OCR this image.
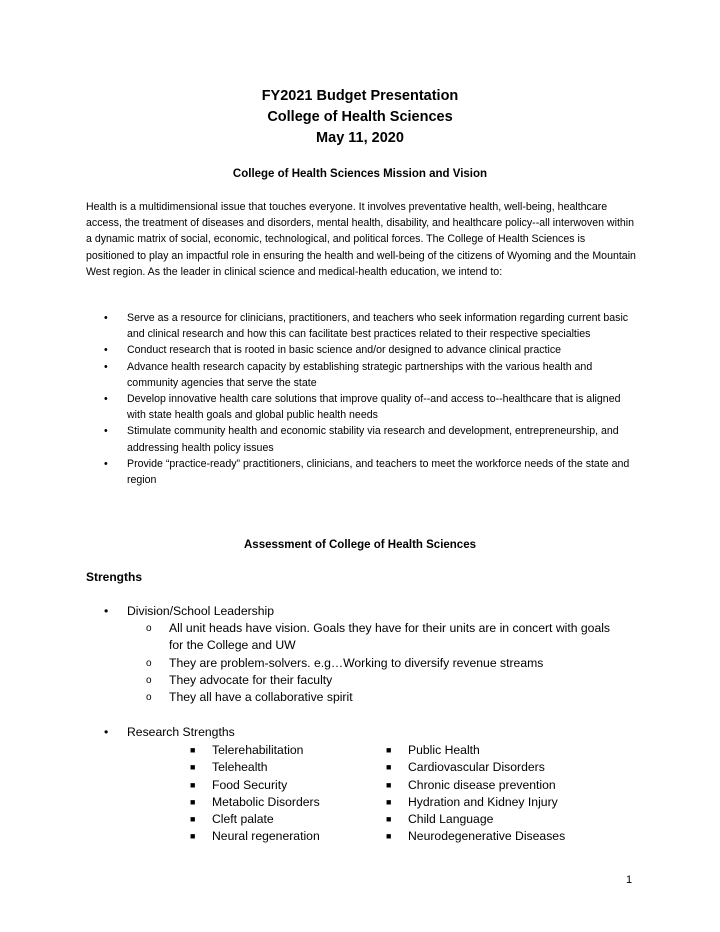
FY2021 Budget Presentation
College of Health Sciences
May 11, 2020
College of Health Sciences Mission and Vision

Health is a multidimensional issue that touches everyone. It involves preventative health, well-being, healthcare access, the treatment of diseases and disorders, mental health, disability, and healthcare policy--all interwoven within a dynamic matrix of social, economic, technological, and political forces. The College of Health Sciences is positioned to play an impactful role in ensuring the health and well-being of the citizens of Wyoming and the Mountain West region. As the leader in clinical science and medical-health education, we intend to:

• Serve as a resource for clinicians, practitioners, and teachers who seek information regarding current basic and clinical research and how this can facilitate best practices related to their respective specialties
• Conduct research that is rooted in basic science and/or designed to advance clinical practice
• Advance health research capacity by establishing strategic partnerships with the various health and community agencies that serve the state
• Develop innovative health care solutions that improve quality of--and access to--healthcare that is aligned with state health goals and global public health needs
• Stimulate community health and economic stability via research and development, entrepreneurship, and addressing health policy issues
• Provide “practice-ready” practitioners, clinicians, and teachers to meet the workforce needs of the state and region
Assessment of College of Health Sciences
Strengths
• Division/School Leadership
o All unit heads have vision. Goals they have for their units are in concert with goals for the College and UW
o They are problem-solvers. e.g…Working to diversify revenue streams
o They advocate for their faculty
o They all have a collaborative spirit
• Research Strengths
■ Telerehabilitation
■ Telehealth
■ Food Security
■ Metabolic Disorders
■ Cleft palate
■ Neural regeneration
■ Public Health
■ Cardiovascular Disorders
■ Chronic disease prevention
■ Hydration and Kidney Injury
■ Child Language
■ Neurodegenerative Diseases
1
